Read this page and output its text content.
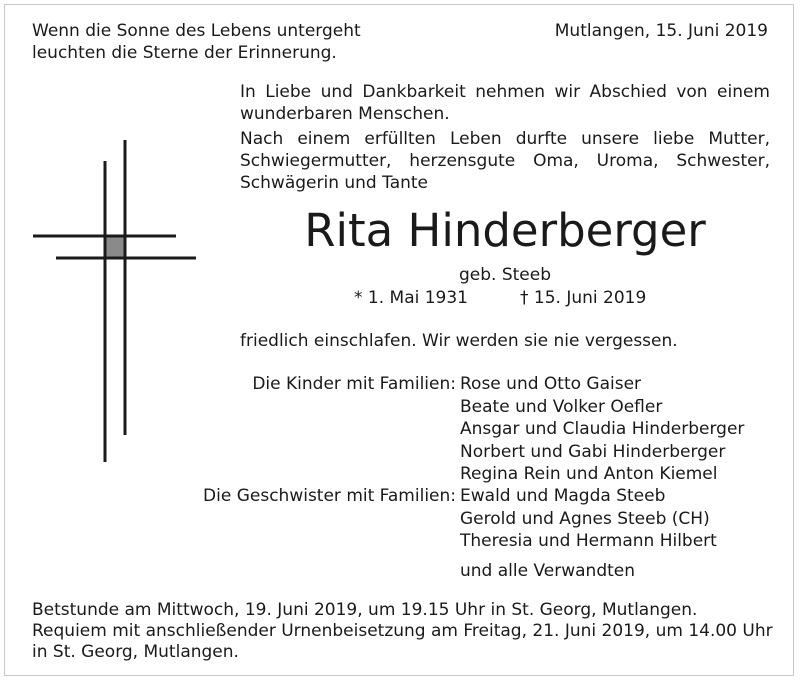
Wenn die Sonne des Lebens untergeht
leuchten die Sterne der Erinnerung.
Mutlangen, 15. Juni 2019
In Liebe und Dankbarkeit nehmen wir Abschied von einem
wunderbaren Menschen.
Nach einem erfüllten Leben durfte unsere liebe Mutter,
Schwiegermutter, herzensgute Oma, Uroma, Schwester,
Schwägerin und Tante
Rita Hinderberger
geb. Steeb
* 1. Mai 1931	† 15. Juni 2019
friedlich einschlafen. Wir werden sie nie vergessen.
Die Kinder mit Familien: Rose und Otto Gaiser
Beate und Volker Oefler
Ansgar und Claudia Hinderberger
Norbert und Gabi Hinderberger
Regina Rein und Anton Kiemel
Die Geschwister mit Familien: Ewald und Magda Steeb
Gerold und Agnes Steeb (CH)
Theresia und Hermann Hilbert
und alle Verwandten
Betstunde am Mittwoch, 19. Juni 2019, um 19.15 Uhr in St. Georg, Mutlangen.
Requiem mit anschließender Urnenbeisetzung am Freitag, 21. Juni 2019, um 14.00 Uhr
in St. Georg, Mutlangen.
